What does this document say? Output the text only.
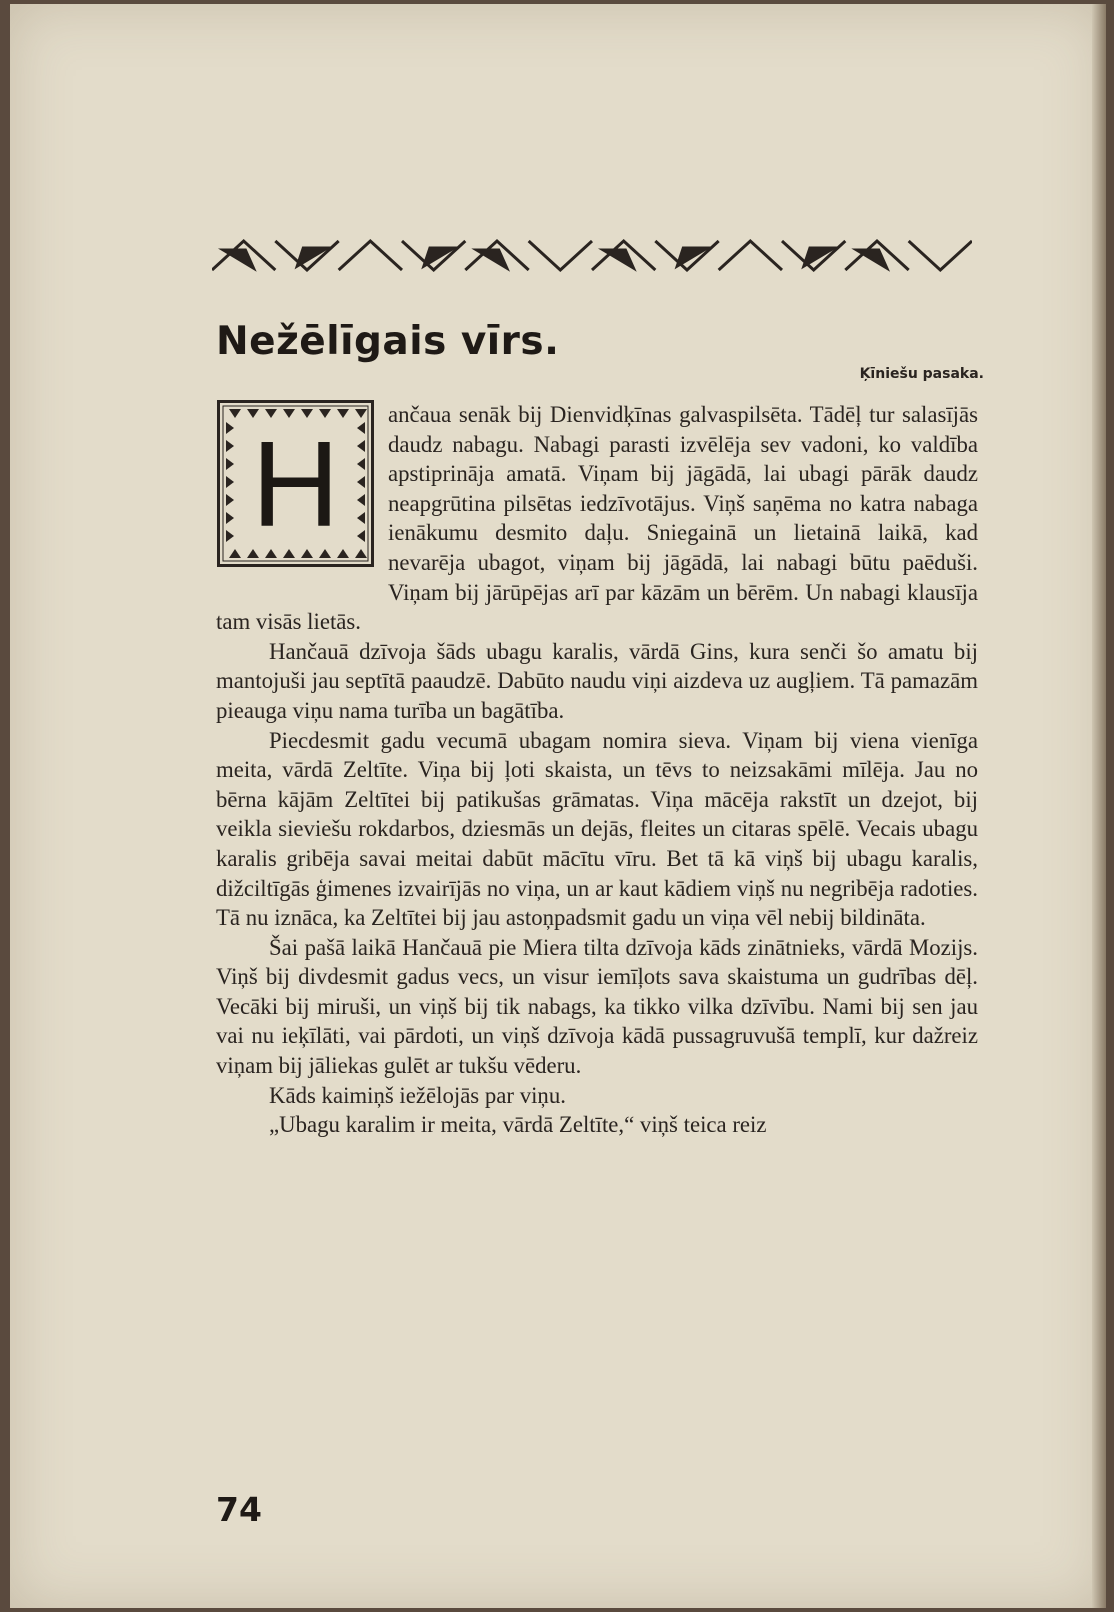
Nežēlīgais vīrs.
Ķīniešu pasaka.
H

ančaua senāk bij Dienvidķīnas galvaspilsēta. Tādēļ tur salasījās daudz nabagu. Nabagi parasti izvēlēja sev vadoni, ko valdība apstiprināja amatā. Viņam bij jāgādā, lai ubagi pārāk daudz neapgrūtina pilsētas iedzīvotājus. Viņš saņēma no katra nabaga ienākumu desmito daļu. Sniegainā un lietainā laikā, kad nevarēja ubagot, viņam bij jāgādā, lai nabagi būtu paēduši. Viņam bij jārūpējas arī par kāzām un bērēm. Un nabagi klausīja tam visās lietās.

Hančauā dzīvoja šāds ubagu karalis, vārdā Gins, kura senči šo amatu bij mantojuši jau septītā paaudzē. Dabūto naudu viņi aizdeva uz augļiem. Tā pamazām pieauga viņu nama turība un bagātība.

Piecdesmit gadu vecumā ubagam nomira sieva. Viņam bij viena vienīga meita, vārdā Zeltīte. Viņa bij ļoti skaista, un tēvs to neizsakāmi mīlēja. Jau no bērna kājām Zeltītei bij patikušas grāmatas. Viņa mācēja rakstīt un dzejot, bij veikla sieviešu rokdarbos, dziesmās un dejās, fleites un citaras spēlē. Vecais ubagu karalis gribēja savai meitai dabūt mācītu vīru. Bet tā kā viņš bij ubagu karalis, dižciltīgās ģimenes izvairījās no viņa, un ar kaut kādiem viņš nu negribēja radoties. Tā nu iznāca, ka Zeltītei bij jau astoņpadsmit gadu un viņa vēl nebij bildināta.

Šai pašā laikā Hančauā pie Miera tilta dzīvoja kāds zinātnieks, vārdā Mozijs. Viņš bij divdesmit gadus vecs, un visur iemīļots sava skaistuma un gudrības dēļ. Vecāki bij miruši, un viņš bij tik nabags, ka tikko vilka dzīvību. Nami bij sen jau vai nu ieķīlāti, vai pārdoti, un viņš dzīvoja kādā pussagruvušā templī, kur dažreiz viņam bij jāliekas gulēt ar tukšu vēderu.

Kāds kaimiņš iežēlojās par viņu.

„Ubagu karalim ir meita, vārdā Zeltīte,“ viņš teica reiz

74
